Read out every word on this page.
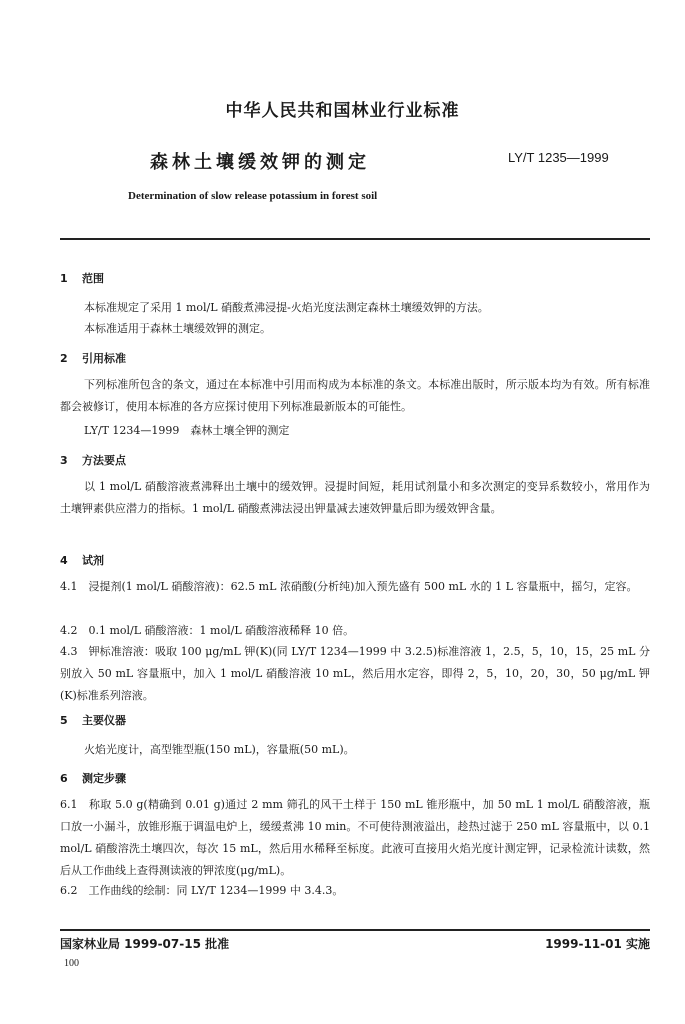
中华人民共和国林业行业标准
森林土壤缓效钾的测定	LY/T 1235—1999
Determination of slow release potassium in forest soil
1 范围
本标准规定了采用 1 mol/L 硝酸煮沸浸提-火焰光度法测定森林土壤缓效钾的方法。
本标准适用于森林土壤缓效钾的测定。
2 引用标准
下列标准所包含的条文，通过在本标准中引用而构成为本标准的条文。本标准出版时，所示版本均为有效。所有标准都会被修订，使用本标准的各方应探讨使用下列标准最新版本的可能性。
LY/T 1234—1999　森林土壤全钾的测定
3 方法要点
以 1 mol/L 硝酸溶液煮沸释出土壤中的缓效钾。浸提时间短，耗用试剂量小和多次测定的变异系数较小，常用作为土壤钾素供应潜力的指标。1 mol/L 硝酸煮沸法浸出钾量减去速效钾量后即为缓效钾含量。
4 试剂
4.1　浸提剂(1 mol/L 硝酸溶液)：62.5 mL 浓硝酸(分析纯)加入预先盛有 500 mL 水的 1 L 容量瓶中，摇匀，定容。
4.2　0.1 mol/L 硝酸溶液：1 mol/L 硝酸溶液稀释 10 倍。
4.3　钾标准溶液：吸取 100 μg/mL 钾(K)(同 LY/T 1234—1999 中 3.2.5)标准溶液 1，2.5，5，10，15，25 mL 分别放入 50 mL 容量瓶中，加入 1 mol/L 硝酸溶液 10 mL，然后用水定容，即得 2，5，10，20，30，50 μg/mL 钾(K)标准系列溶液。
5 主要仪器
火焰光度计，高型锥型瓶(150 mL)，容量瓶(50 mL)。
6 测定步骤
6.1　称取 5.0 g(精确到 0.01 g)通过 2 mm 筛孔的风干土样于 150 mL 锥形瓶中，加 50 mL 1 mol/L 硝酸溶液，瓶口放一小漏斗，放锥形瓶于调温电炉上，缓缓煮沸 10 min。不可使待测液溢出，趁热过滤于 250 mL 容量瓶中，以 0.1 mol/L 硝酸溶洗土壤四次，每次 15 mL，然后用水稀释至标度。此液可直接用火焰光度计测定钾，记录检流计读数，然后从工作曲线上查得测读液的钾浓度(μg/mL)。
6.2　工作曲线的绘制：同 LY/T 1234—1999 中 3.4.3。
国家林业局 1999-07-15 批准	1999-11-01 实施
100
